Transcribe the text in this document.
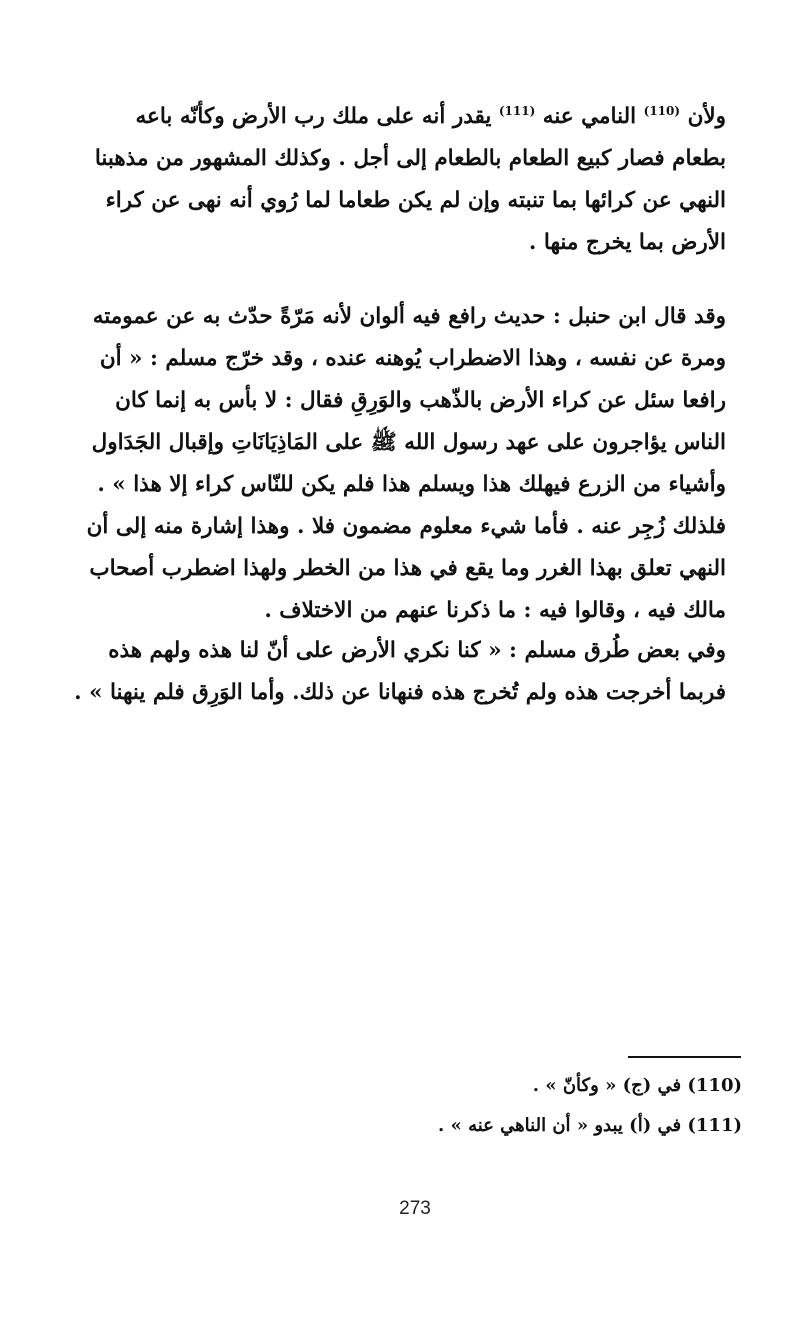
ولأن $^{(110)}$ النامي عنه $^{(111)}$ يقدر أنه على ملك رب الأرض وكأنّه باعه
بطعام فصار كبيع الطعام بالطعام إلى أجل . وكذلك المشهور من مذهبنا
النهي عن كرائها بما تنبته وإن لم يكن طعاما لما رُوي أنه نهى عن كراء
الأرض بما يخرج منها .
وقد قال ابن حنبل : حديث رافع فيه ألوان لأنه مَرّةً حدّث به عن عمومته
ومرة عن نفسه ، وهذا الاضطراب يُوهنه عنده ، وقد خرّج مسلم : « أن
رافعا سئل عن كراء الأرض بالذّهب والوَرِقِ فقال : لا بأس به إنما كان
الناس يؤاجرون على عهد رسول الله ﷺ على المَاذِيَانَاتِ وإقبال الجَدَاول
وأشياء من الزرع فيهلك هذا ويسلم هذا فلم يكن للنّاس كراء إلا هذا » .
فلذلك زُجِر عنه . فأما شيء معلوم مضمون فلا . وهذا إشارة منه إلى أن
النهي تعلق بهذا الغرر وما يقع في هذا من الخطر ولهذا اضطرب أصحاب
مالك فيه ، وقالوا فيه : ما ذكرنا عنهم من الاختلاف .
وفي بعض طُرق مسلم : « كنا نكري الأرض على أنّ لنا هذه ولهم هذه
فربما أخرجت هذه ولم تُخرج هذه فنهانا عن ذلك. وأما الوَرِق فلم ينهنا » .
(110) في (ج) « وكأنّ » .
(111) في (أ) يبدو « أن الناهي عنه » .
273
